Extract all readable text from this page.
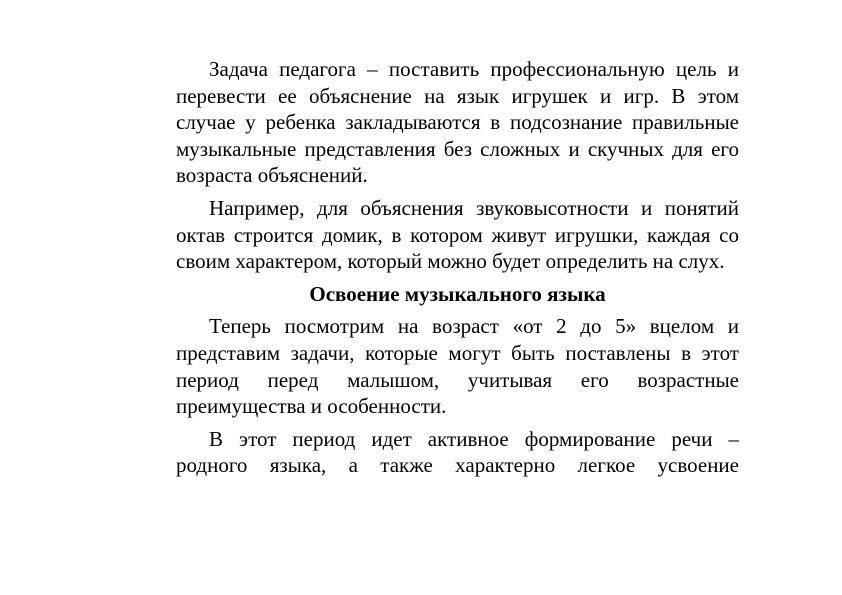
Задача педагога – поставить профессиональную цель и перевести ее объяснение на язык игрушек и игр. В этом случае у ребенка закладываются в подсознание правильные музыкальные представления без сложных и скучных для его возраста объяснений.

Например, для объяснения звуковысотности и понятий октав строится домик, в котором живут игрушки, каждая со своим характером, который можно будет определить на слух.

Освоение музыкального языка

Теперь посмотрим на возраст «от 2 до 5» вцелом и представим задачи, которые могут быть поставлены в этот период перед малышом, учитывая его возрастные преимущества и особенности.

В этот период идет активное формирование речи – родного языка, а также характерно легкое усвоение
